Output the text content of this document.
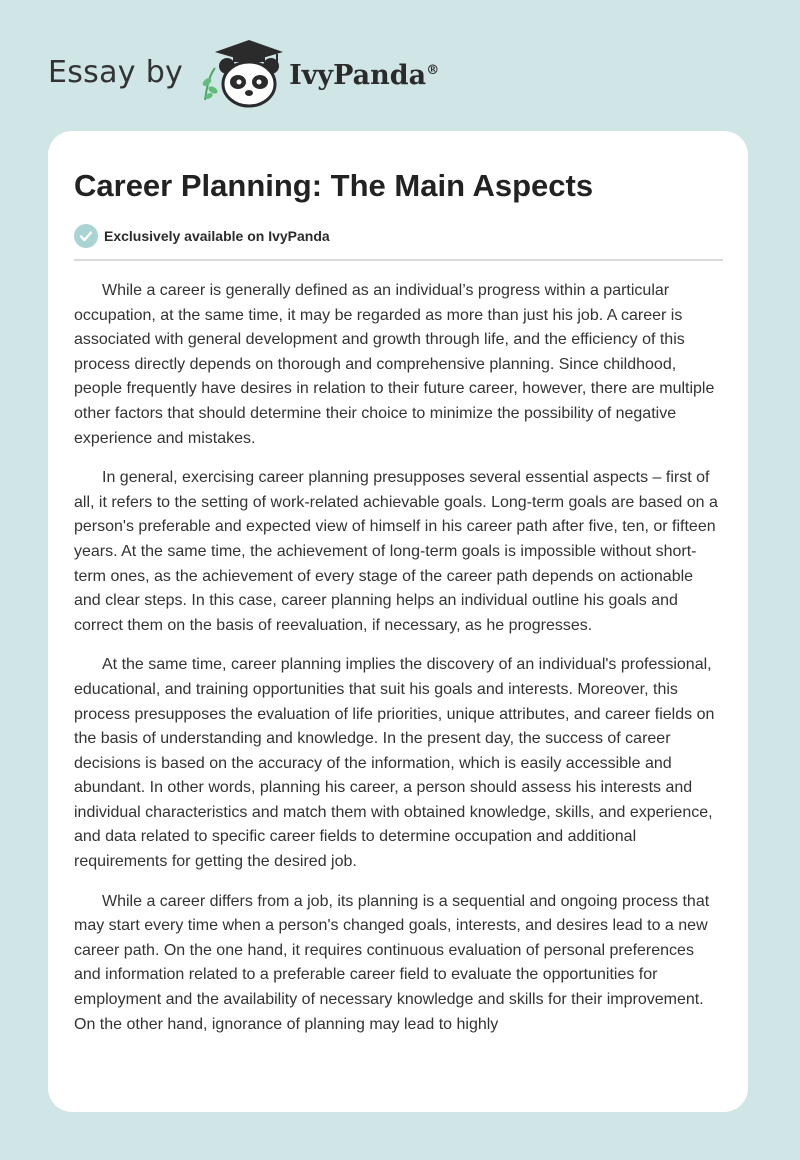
Essay by	IvyPanda®
Career Planning: The Main Aspects
Exclusively available on IvyPanda

While a career is generally defined as an individual’s progress within a particular occupation, at the same time, it may be regarded as more than just his job. A career is associated with general development and growth through life, and the efficiency of this process directly depends on thorough and comprehensive planning. Since childhood, people frequently have desires in relation to their future career, however, there are multiple other factors that should determine their choice to minimize the possibility of negative experience and mistakes.

In general, exercising career planning presupposes several essential aspects – first of all, it refers to the setting of work-related achievable goals. Long-term goals are based on a person's preferable and expected view of himself in his career path after five, ten, or fifteen years. At the same time, the achievement of long-term goals is impossible without short-term ones, as the achievement of every stage of the career path depends on actionable and clear steps. In this case, career planning helps an individual outline his goals and correct them on the basis of reevaluation, if necessary, as he progresses.

At the same time, career planning implies the discovery of an individual's professional, educational, and training opportunities that suit his goals and interests. Moreover, this process presupposes the evaluation of life priorities, unique attributes, and career fields on the basis of understanding and knowledge. In the present day, the success of career decisions is based on the accuracy of the information, which is easily accessible and abundant. In other words, planning his career, a person should assess his interests and individual characteristics and match them with obtained knowledge, skills, and experience, and data related to specific career fields to determine occupation and additional requirements for getting the desired job.

While a career differs from a job, its planning is a sequential and ongoing process that may start every time when a person's changed goals, interests, and desires lead to a new career path. On the one hand, it requires continuous evaluation of personal preferences and information related to a preferable career field to evaluate the opportunities for employment and the availability of necessary knowledge and skills for their improvement. On the other hand, ignorance of planning may lead to highly
